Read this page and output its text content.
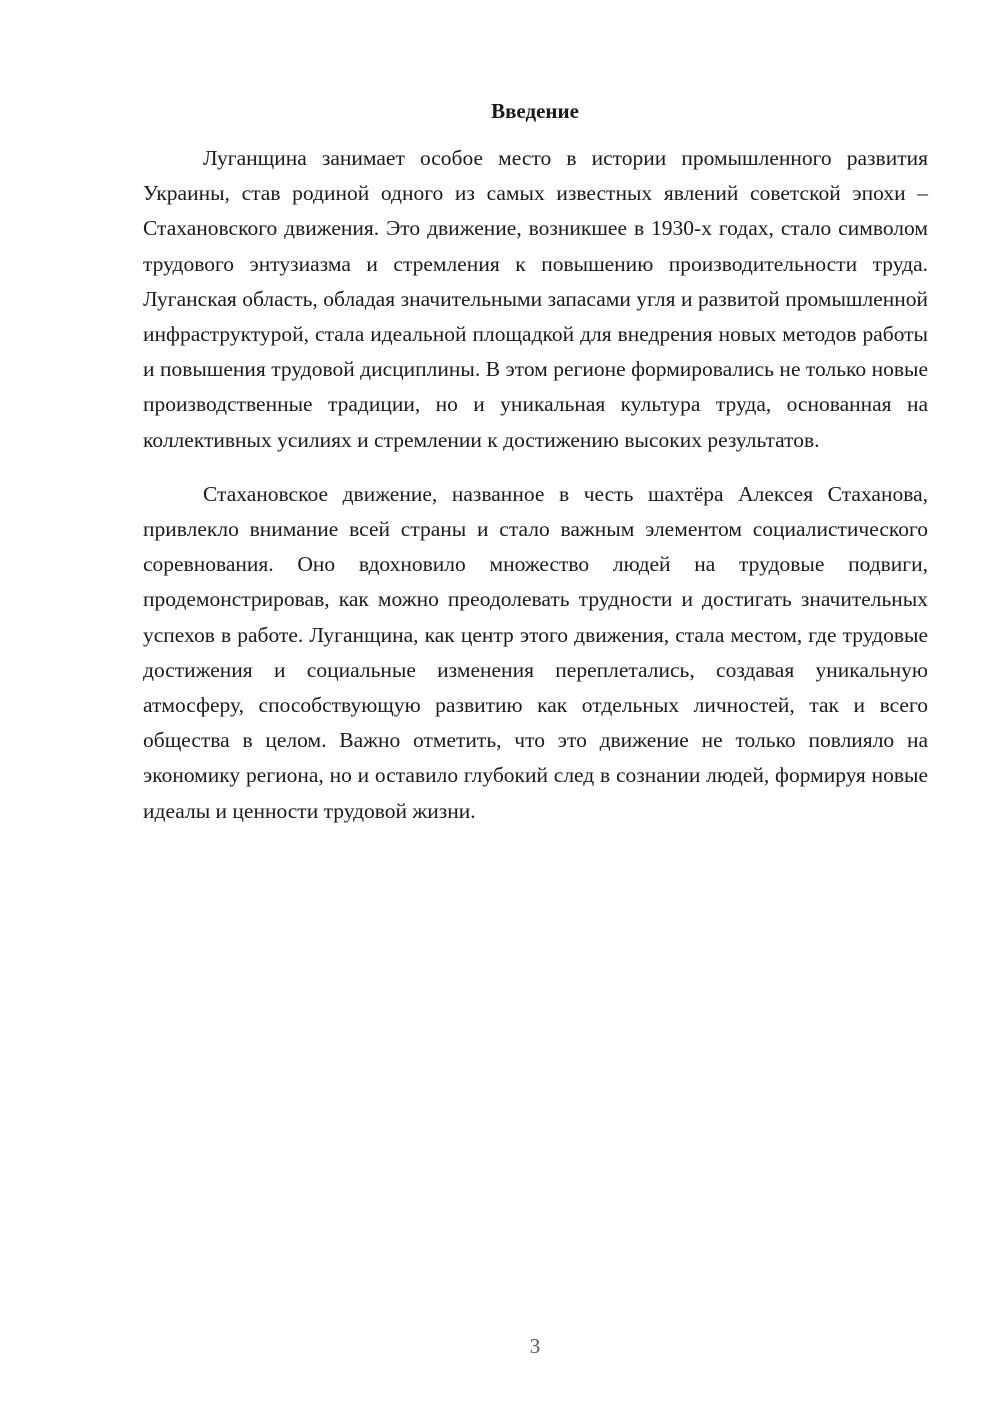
Введение

Луганщина занимает особое место в истории промышленного развития Украины, став родиной одного из самых известных явлений советской эпохи – Стахановского движения. Это движение, возникшее в 1930-х годах, стало символом трудового энтузиазма и стремления к повышению производительности труда. Луганская область, обладая значительными запасами угля и развитой промышленной инфраструктурой, стала идеальной площадкой для внедрения новых методов работы и повышения трудовой дисциплины. В этом регионе формировались не только новые производственные традиции, но и уникальная культура труда, основанная на коллективных усилиях и стремлении к достижению высоких результатов.

Стахановское движение, названное в честь шахтёра Алексея Стаханова, привлекло внимание всей страны и стало важным элементом социалистического соревнования. Оно вдохновило множество людей на трудовые подвиги, продемонстрировав, как можно преодолевать трудности и достигать значительных успехов в работе. Луганщина, как центр этого движения, стала местом, где трудовые достижения и социальные изменения переплетались, создавая уникальную атмосферу, способствующую развитию как отдельных личностей, так и всего общества в целом. Важно отметить, что это движение не только повлияло на экономику региона, но и оставило глубокий след в сознании людей, формируя новые идеалы и ценности трудовой жизни.

3
